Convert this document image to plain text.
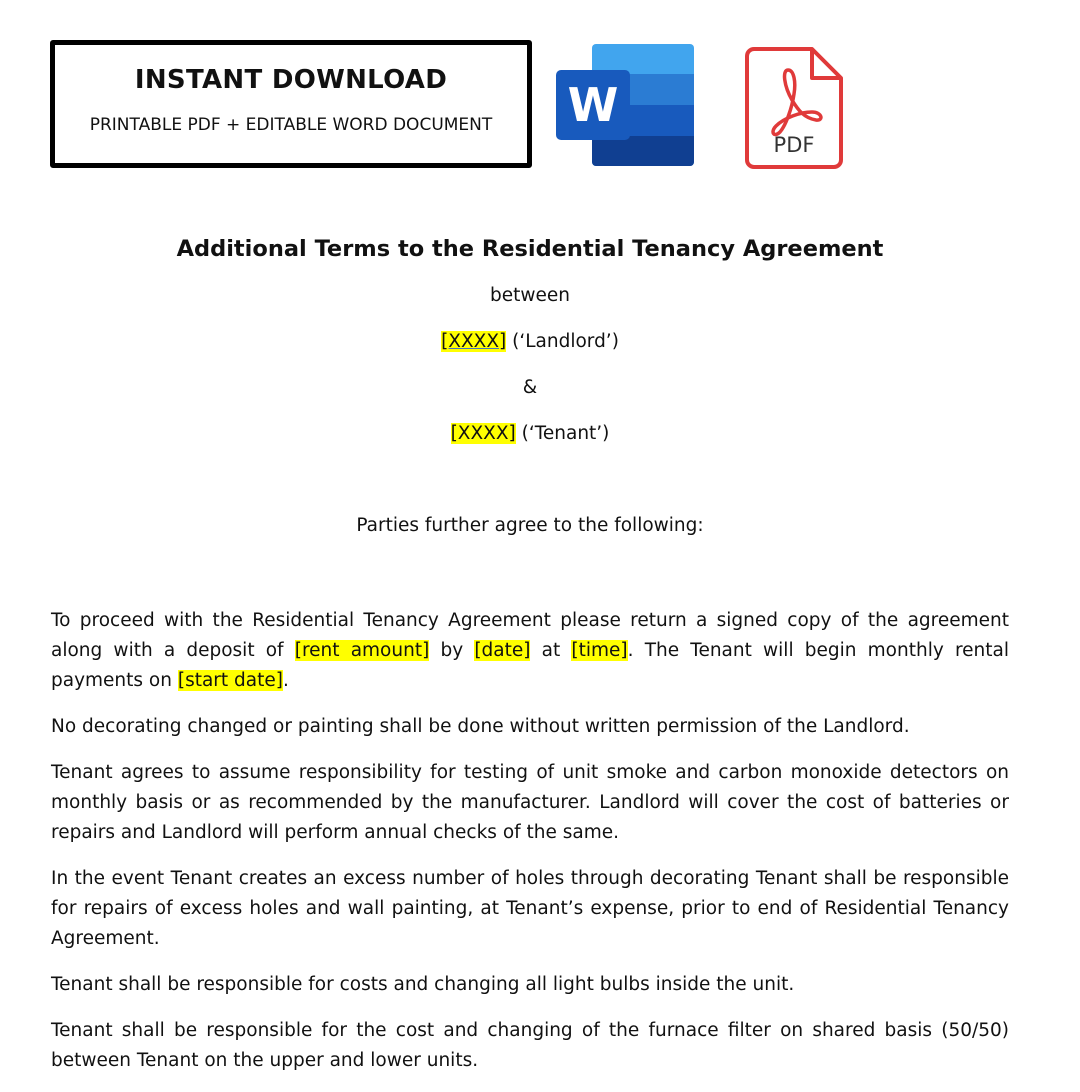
INSTANT DOWNLOAD
PRINTABLE PDF + EDITABLE WORD DOCUMENT	W
PDF
Additional Terms to the Residential Tenancy Agreement

between

[XXXX] (‘Landlord’)

&

[XXXX] (‘Tenant’)

Parties further agree to the following:

To proceed with the Residential Tenancy Agreement please return a signed copy of the agreement along with a deposit of [rent amount] by [date] at [time]. The Tenant will begin monthly rental payments on [start date].

No decorating changed or painting shall be done without written permission of the Landlord.

Tenant agrees to assume responsibility for testing of unit smoke and carbon monoxide detectors on monthly basis or as recommended by the manufacturer. Landlord will cover the cost of batteries or repairs and Landlord will perform annual checks of the same.

In the event Tenant creates an excess number of holes through decorating Tenant shall be responsible for repairs of excess holes and wall painting, at Tenant’s expense, prior to end of Residential Tenancy Agreement.

Tenant shall be responsible for costs and changing all light bulbs inside the unit.

Tenant shall be responsible for the cost and changing of the furnace filter on shared basis (50/50) between Tenant on the upper and lower units.
